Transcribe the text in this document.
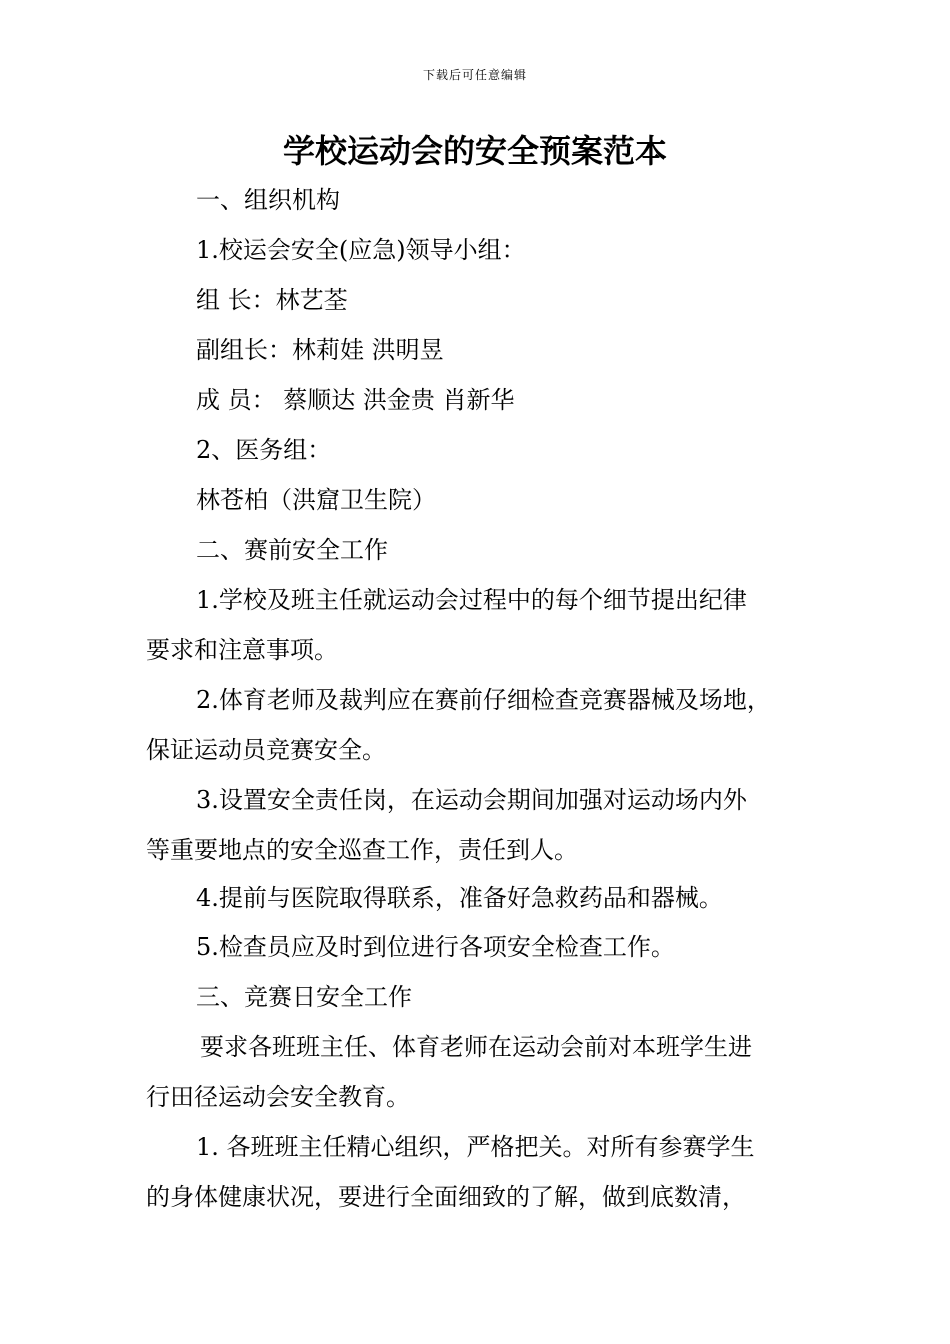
下载后可任意编辑
学校运动会的安全预案范本
一、组织机构
1.校运会安全(应急)领导小组：
组 长：林艺荃
副组长：林莉娃 洪明昱
成 员： 蔡顺达 洪金贵 肖新华
2、医务组：
林苍柏（洪窟卫生院）
二、赛前安全工作
1.学校及班主任就运动会过程中的每个细节提出纪律
要求和注意事项。
2.体育老师及裁判应在赛前仔细检查竞赛器械及场地，
保证运动员竞赛安全。
3.设置安全责任岗，在运动会期间加强对运动场内外
等重要地点的安全巡查工作，责任到人。
4.提前与医院取得联系，准备好急救药品和器械。
5.检查员应及时到位进行各项安全检查工作。
三、竞赛日安全工作
要求各班班主任、体育老师在运动会前对本班学生进
行田径运动会安全教育。
1. 各班班主任精心组织，严格把关。对所有参赛学生
的身体健康状况，要进行全面细致的了解，做到底数清，
